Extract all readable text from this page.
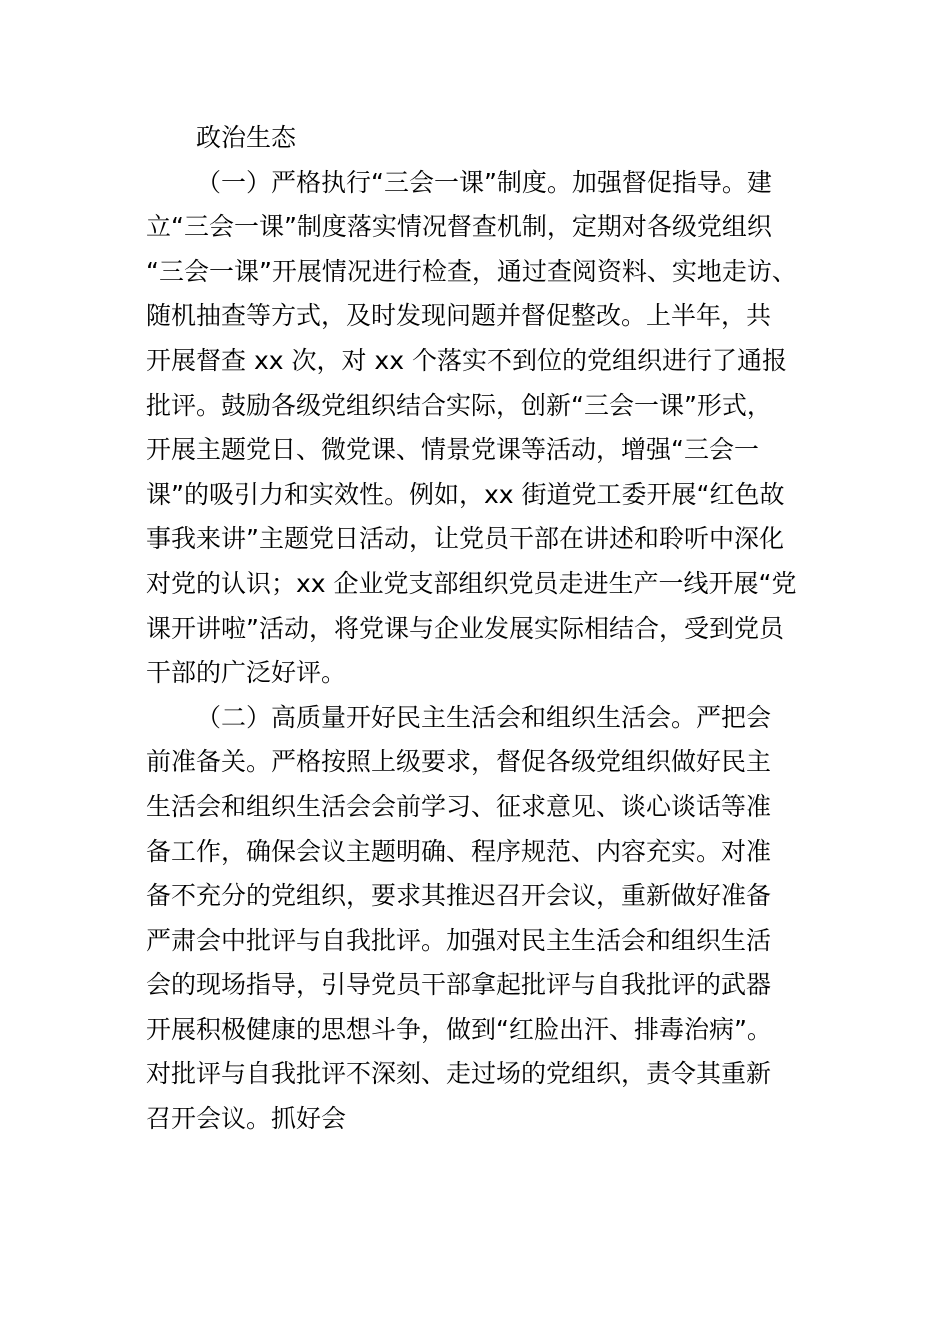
政治生态
（一）严格执行“三会一课”制度。加强督促指导。建
立“三会一课”制度落实情况督查机制，定期对各级党组织
“三会一课”开展情况进行检查，通过查阅资料、实地走访、
随机抽查等方式，及时发现问题并督促整改。上半年，共
开展督查 xx 次，对 xx 个落实不到位的党组织进行了通报
批评。鼓励各级党组织结合实际，创新“三会一课”形式，
开展主题党日、微党课、情景党课等活动，增强“三会一
课”的吸引力和实效性。例如，xx 街道党工委开展“红色故
事我来讲”主题党日活动，让党员干部在讲述和聆听中深化
对党的认识；xx 企业党支部组织党员走进生产一线开展“党
课开讲啦”活动，将党课与企业发展实际相结合，受到党员
干部的广泛好评。
（二）高质量开好民主生活会和组织生活会。严把会
前准备关。严格按照上级要求，督促各级党组织做好民主
生活会和组织生活会会前学习、征求意见、谈心谈话等准
备工作，确保会议主题明确、程序规范、内容充实。对准
备不充分的党组织，要求其推迟召开会议，重新做好准备
严肃会中批评与自我批评。加强对民主生活会和组织生活
会的现场指导，引导党员干部拿起批评与自我批评的武器
开展积极健康的思想斗争，做到“红脸出汗、排毒治病”。
对批评与自我批评不深刻、走过场的党组织，责令其重新
召开会议。抓好会
